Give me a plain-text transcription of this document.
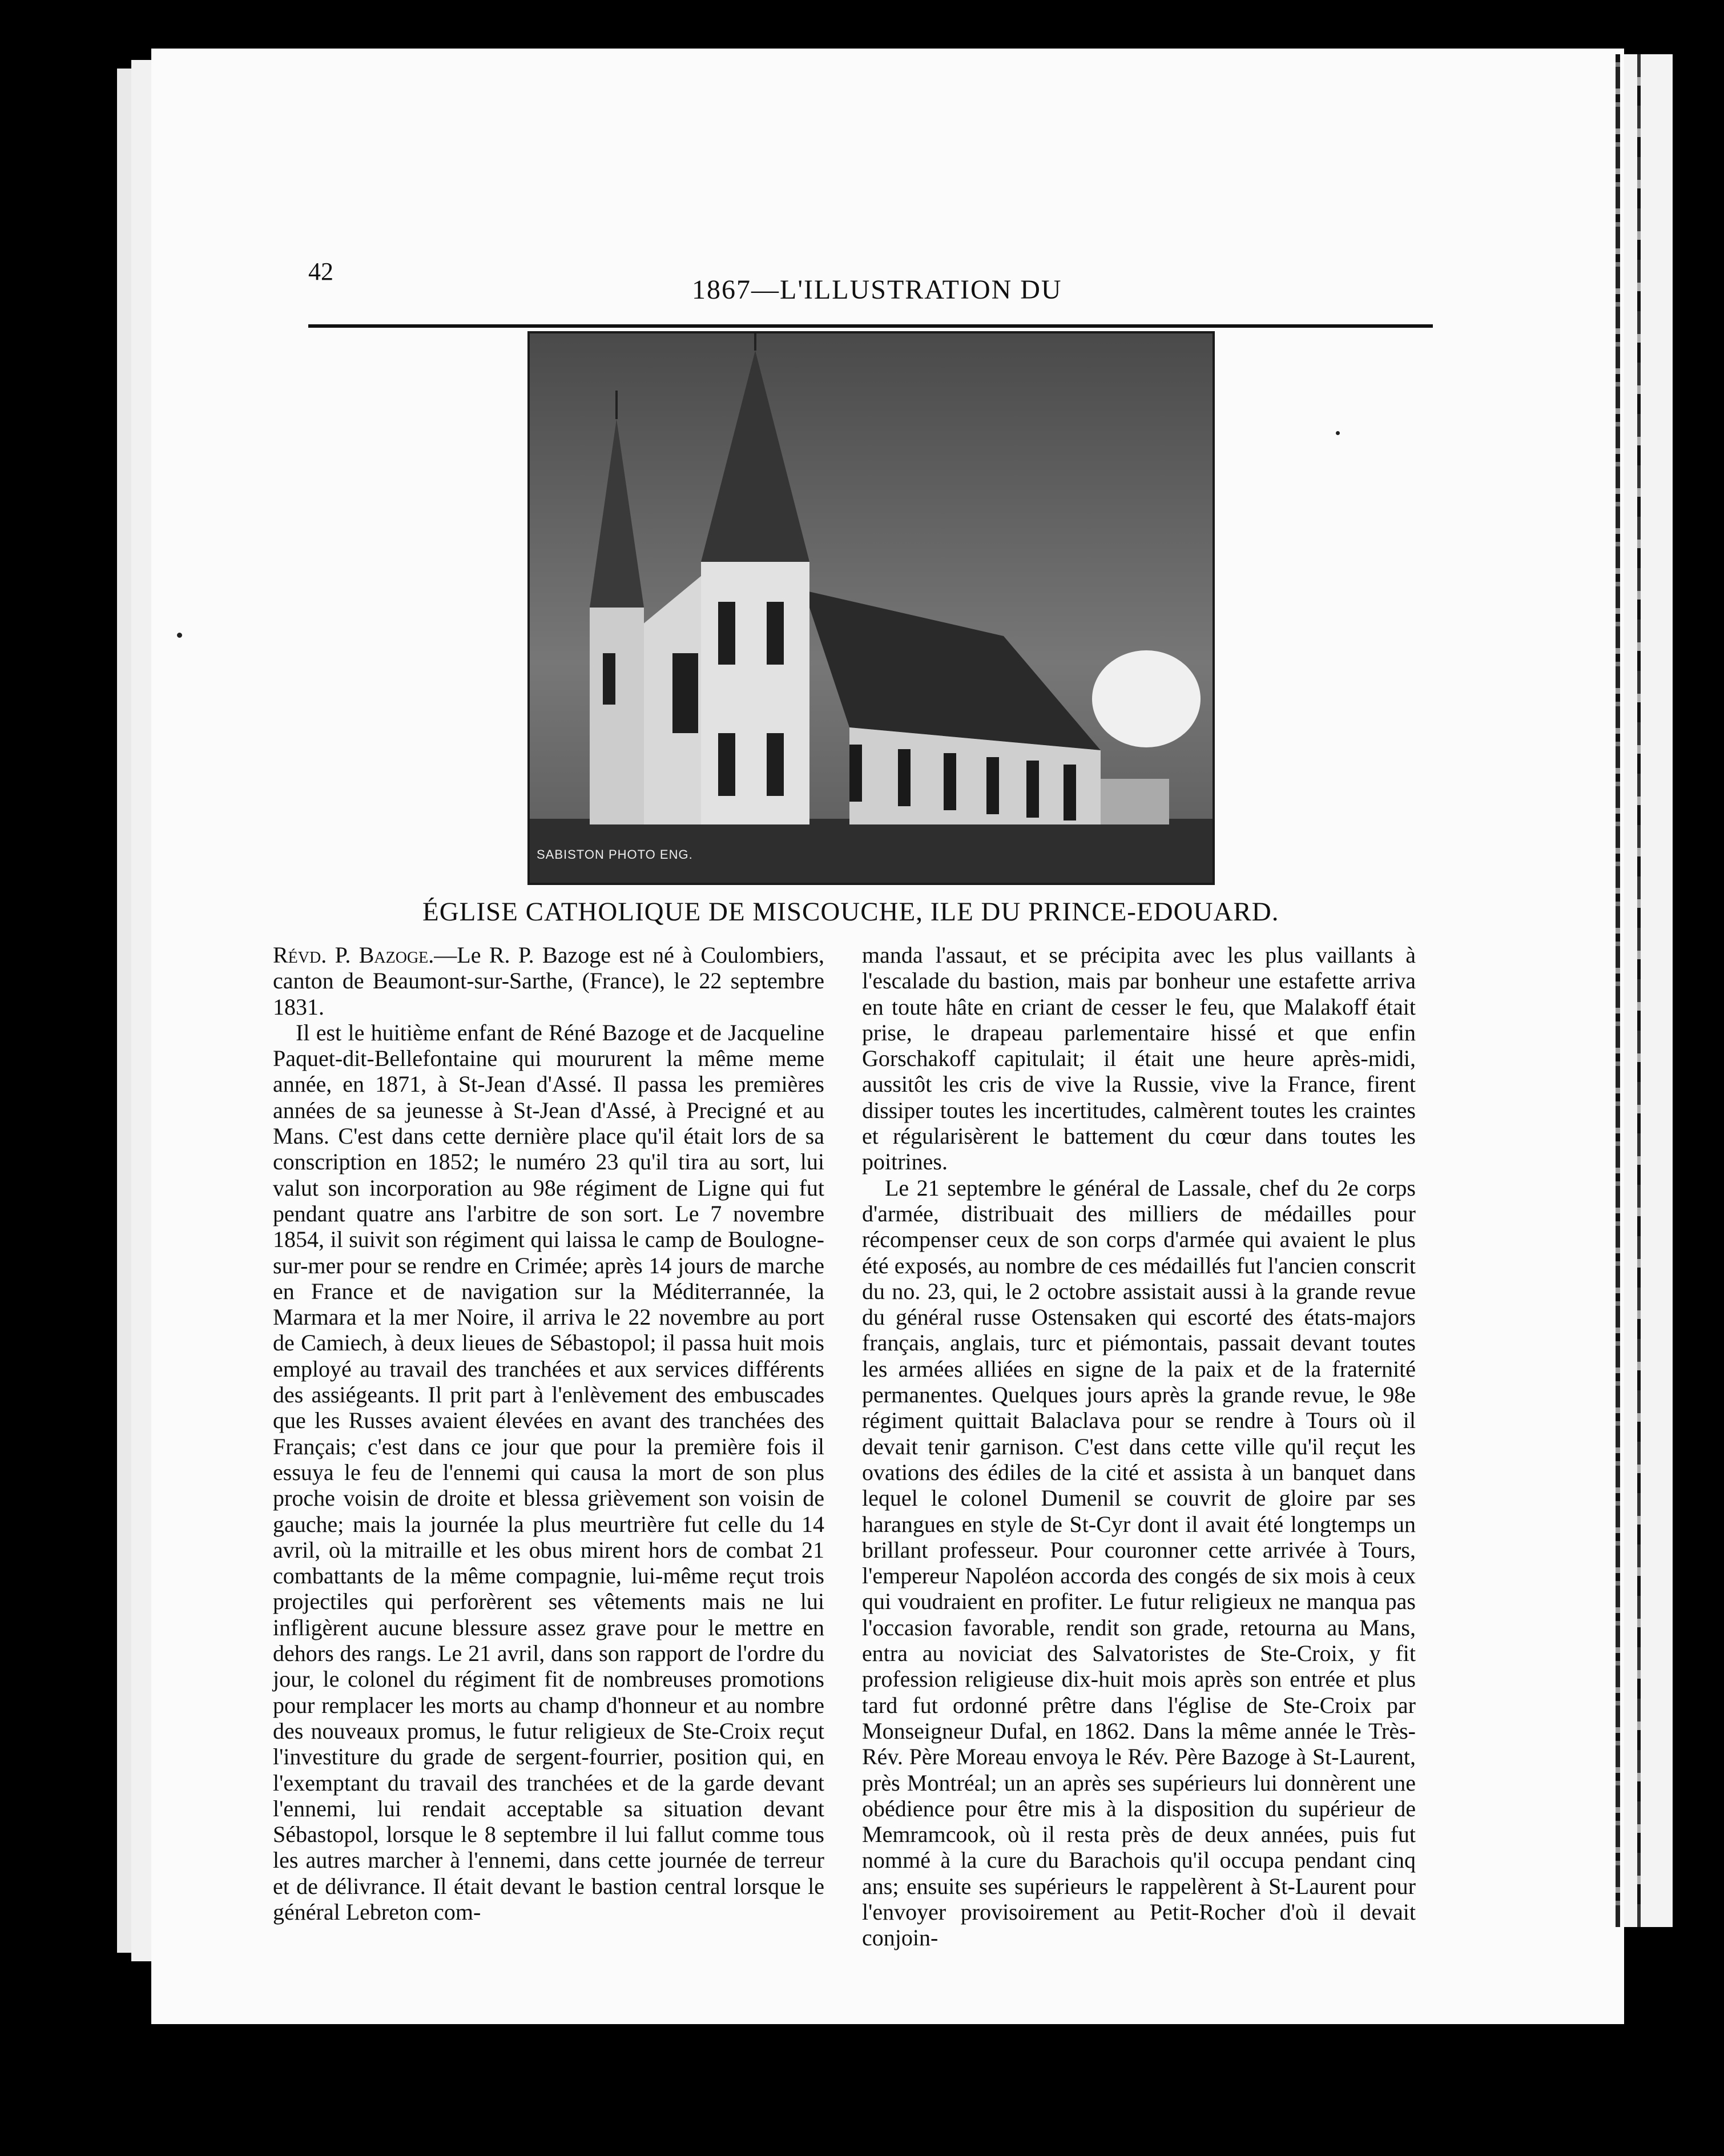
42
1867—L'ILLUSTRATION DU
SABISTON PHOTO ENG.
ÉGLISE CATHOLIQUE DE MISCOUCHE, ILE DU PRINCE-EDOUARD.

Révd. P. Bazoge.—Le R. P. Bazoge est né à Coulombiers, canton de Beaumont-sur-Sarthe, (France), le 22 septembre 1831.

Il est le huitième enfant de Réné Bazoge et de Jacqueline Paquet-dit-Bellefontaine qui moururent la même meme année, en 1871, à St-Jean d'Assé. Il passa les premières années de sa jeunesse à St-Jean d'Assé, à Precigné et au Mans. C'est dans cette dernière place qu'il était lors de sa conscription en 1852; le numéro 23 qu'il tira au sort, lui valut son incorporation au 98e régiment de Ligne qui fut pendant quatre ans l'arbitre de son sort. Le 7 novembre 1854, il suivit son régiment qui laissa le camp de Boulogne-sur-mer pour se rendre en Crimée; après 14 jours de marche en France et de navigation sur la Méditerrannée, la Marmara et la mer Noire, il arriva le 22 novembre au port de Camiech, à deux lieues de Sébastopol; il passa huit mois employé au travail des tranchées et aux services différents des assiégeants. Il prit part à l'enlèvement des embuscades que les Russes avaient élevées en avant des tranchées des Français; c'est dans ce jour que pour la première fois il essuya le feu de l'ennemi qui causa la mort de son plus proche voisin de droite et blessa grièvement son voisin de gauche; mais la journée la plus meurtrière fut celle du 14 avril, où la mitraille et les obus mirent hors de combat 21 combattants de la même compagnie, lui-même reçut trois projectiles qui perforèrent ses vêtements mais ne lui infligèrent aucune blessure assez grave pour le mettre en dehors des rangs. Le 21 avril, dans son rapport de l'ordre du jour, le colonel du régiment fit de nombreuses promotions pour remplacer les morts au champ d'honneur et au nombre des nouveaux promus, le futur religieux de Ste-Croix reçut l'investiture du grade de sergent-fourrier, position qui, en l'exemptant du travail des tranchées et de la garde devant l'ennemi, lui rendait acceptable sa situation devant Sébastopol, lorsque le 8 septembre il lui fallut comme tous les autres marcher à l'ennemi, dans cette journée de terreur et de délivrance. Il était devant le bastion central lorsque le général Lebreton com-

manda l'assaut, et se précipita avec les plus vaillants à l'escalade du bastion, mais par bonheur une estafette arriva en toute hâte en criant de cesser le feu, que Malakoff était prise, le drapeau parlementaire hissé et que enfin Gorschakoff capitulait; il était une heure après-midi, aussitôt les cris de vive la Russie, vive la France, firent dissiper toutes les incertitudes, calmèrent toutes les craintes et régularisèrent le battement du cœur dans toutes les poitrines.

Le 21 septembre le général de Lassale, chef du 2e corps d'armée, distribuait des milliers de médailles pour récompenser ceux de son corps d'armée qui avaient le plus été exposés, au nombre de ces médaillés fut l'ancien conscrit du no. 23, qui, le 2 octobre assistait aussi à la grande revue du général russe Ostensaken qui escorté des états-majors français, anglais, turc et piémontais, passait devant toutes les armées alliées en signe de la paix et de la fraternité permanentes. Quelques jours après la grande revue, le 98e régiment quittait Balaclava pour se rendre à Tours où il devait tenir garnison. C'est dans cette ville qu'il reçut les ovations des édiles de la cité et assista à un banquet dans lequel le colonel Dumenil se couvrit de gloire par ses harangues en style de St-Cyr dont il avait été longtemps un brillant professeur. Pour couronner cette arrivée à Tours, l'empereur Napoléon accorda des congés de six mois à ceux qui voudraient en profiter. Le futur religieux ne manqua pas l'occasion favorable, rendit son grade, retourna au Mans, entra au noviciat des Salvatoristes de Ste-Croix, y fit profession religieuse dix-huit mois après son entrée et plus tard fut ordonné prêtre dans l'église de Ste-Croix par Monseigneur Dufal, en 1862. Dans la même année le Très-Rév. Père Moreau envoya le Rév. Père Bazoge à St-Laurent, près Montréal; un an après ses supérieurs lui donnèrent une obédience pour être mis à la disposition du supérieur de Memramcook, où il resta près de deux années, puis fut nommé à la cure du Barachois qu'il occupa pendant cinq ans; ensuite ses supérieurs le rappelèrent à St-Laurent pour l'envoyer provisoirement au Petit-Rocher d'où il devait conjoin-
